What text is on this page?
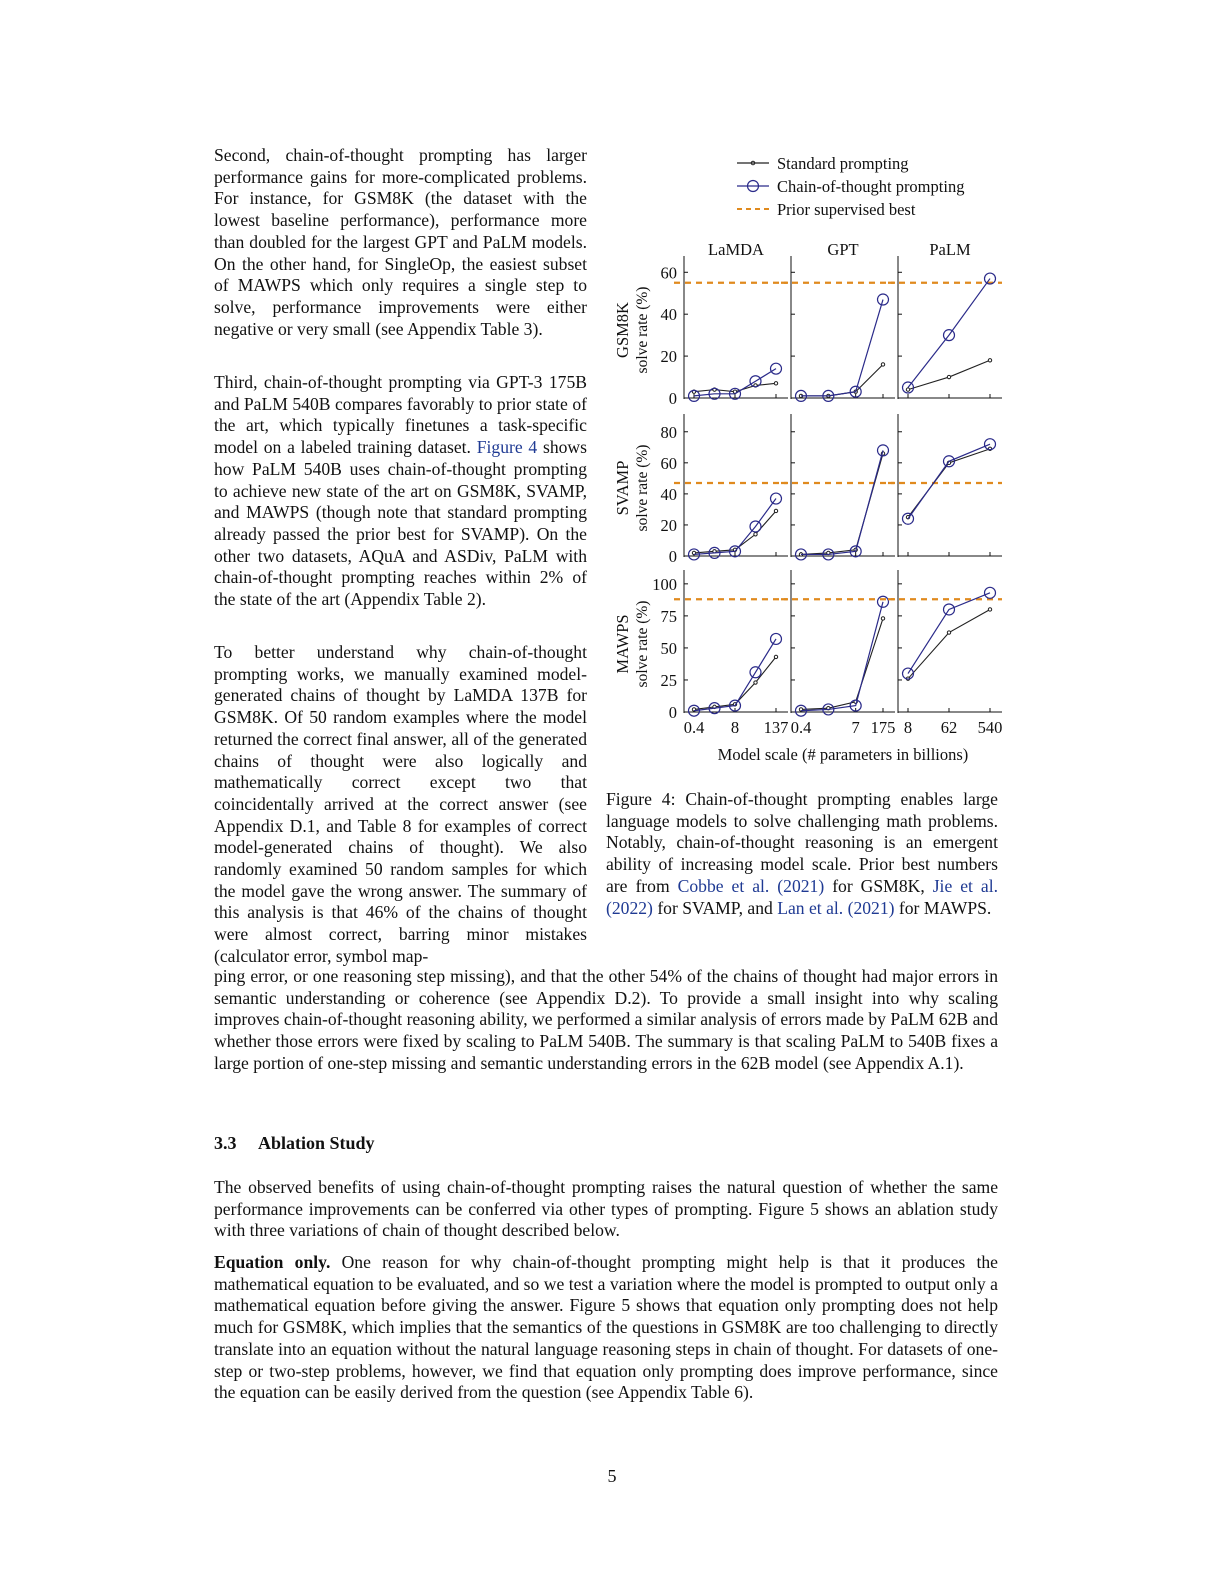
Second, chain-of-thought prompting has larger performance gains for more-complicated problems. For instance, for GSM8K (the dataset with the lowest baseline performance), performance more than doubled for the largest GPT and PaLM models. On the other hand, for SingleOp, the easiest subset of MAWPS which only requires a single step to solve, performance improvements were either negative or very small (see Appendix Table 3).

Third, chain-of-thought prompting via GPT-3 175B and PaLM 540B compares favorably to prior state of the art, which typically finetunes a task-specific model on a labeled training dataset. Figure 4 shows how PaLM 540B uses chain-of-thought prompting to achieve new state of the art on GSM8K, SVAMP, and MAWPS (though note that standard prompting already passed the prior best for SVAMP). On the other two datasets, AQuA and ASDiv, PaLM with chain-of-thought prompting reaches within 2% of the state of the art (Appendix Table 2).

To better understand why chain-of-thought prompting works, we manually examined model-generated chains of thought by LaMDA 137B for GSM8K. Of 50 random examples where the model returned the correct final answer, all of the generated chains of thought were also logically and mathematically correct except two that coincidentally arrived at the correct answer (see Appendix D.1, and Table 8 for examples of correct model-generated chains of thought). We also randomly examined 50 random samples for which the model gave the wrong answer. The summary of this analysis is that 46% of the chains of thought were almost correct, barring minor mistakes (calculator error, symbol map-

Standard prompting
Chain-of-thought prompting
Prior supervised best
LaMDA	GPT	PaLM
GSM8K solve rate (%)
0
20
40
60
SVAMP solve rate (%)
0
20
40
60
80
MAWPS solve rate (%)
0
25
50
75
100
0.4 8 137 0.4 7 175 8 62 540
Model scale (# parameters in billions)
Figure 4: Chain-of-thought prompting enables large language models to solve challenging math problems. Notably, chain-of-thought reasoning is an emergent ability of increasing model scale. Prior best numbers are from Cobbe et al. (2021) for GSM8K, Jie et al. (2022) for SVAMP, and Lan et al. (2021) for MAWPS.

ping error, or one reasoning step missing), and that the other 54% of the chains of thought had major errors in semantic understanding or coherence (see Appendix D.2). To provide a small insight into why scaling improves chain-of-thought reasoning ability, we performed a similar analysis of errors made by PaLM 62B and whether those errors were fixed by scaling to PaLM 540B. The summary is that scaling PaLM to 540B fixes a large portion of one-step missing and semantic understanding errors in the 62B model (see Appendix A.1).

3.3 Ablation Study

The observed benefits of using chain-of-thought prompting raises the natural question of whether the same performance improvements can be conferred via other types of prompting. Figure 5 shows an ablation study with three variations of chain of thought described below.

Equation only. One reason for why chain-of-thought prompting might help is that it produces the mathematical equation to be evaluated, and so we test a variation where the model is prompted to output only a mathematical equation before giving the answer. Figure 5 shows that equation only prompting does not help much for GSM8K, which implies that the semantics of the questions in GSM8K are too challenging to directly translate into an equation without the natural language reasoning steps in chain of thought. For datasets of one-step or two-step problems, however, we find that equation only prompting does improve performance, since the equation can be easily derived from the question (see Appendix Table 6).

5
